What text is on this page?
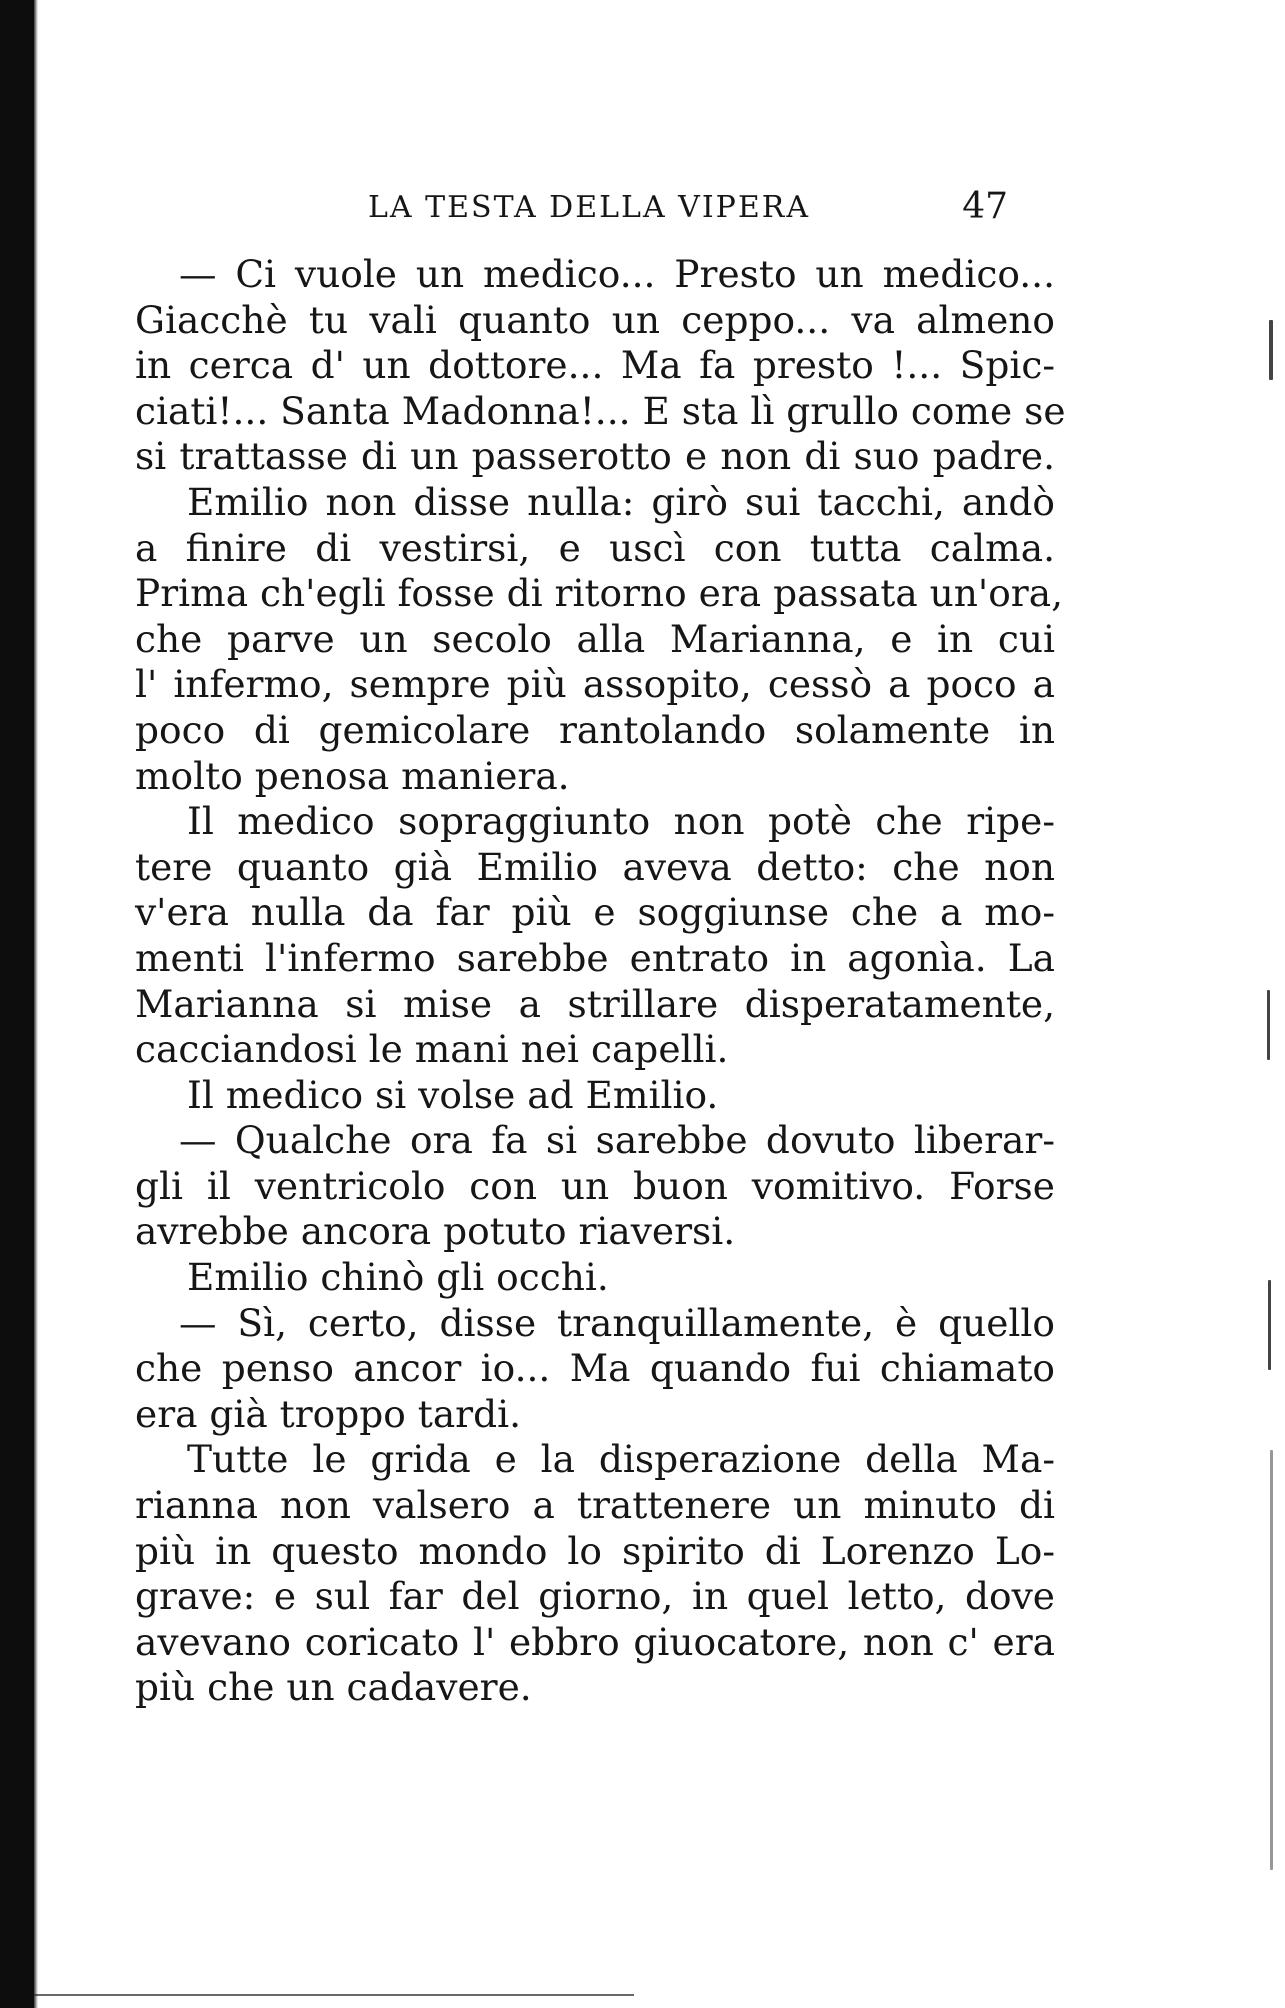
LA TESTA DELLA VIPERA	47
— Ci vuole un medico... Presto un medico...
Giacchè tu vali quanto un ceppo... va almeno
in cerca d' un dottore... Ma fa presto !... Spic-
ciati!... Santa Madonna!... E sta lì grullo come se
si trattasse di un passerotto e non di suo padre.
Emilio non disse nulla: girò sui tacchi, andò
a finire di vestirsi, e uscì con tutta calma.
Prima ch'egli fosse di ritorno era passata un'ora,
che parve un secolo alla Marianna, e in cui
l' infermo, sempre più assopito, cessò a poco a
poco di gemicolare rantolando solamente in
molto penosa maniera.
Il medico sopraggiunto non potè che ripe-
tere quanto già Emilio aveva detto: che non
v'era nulla da far più e soggiunse che a mo-
menti l'infermo sarebbe entrato in agonìa. La
Marianna si mise a strillare disperatamente,
cacciandosi le mani nei capelli.
Il medico si volse ad Emilio.
— Qualche ora fa si sarebbe dovuto liberar-
gli il ventricolo con un buon vomitivo. Forse
avrebbe ancora potuto riaversi.
Emilio chinò gli occhi.
— Sì, certo, disse tranquillamente, è quello
che penso ancor io... Ma quando fui chiamato
era già troppo tardi.
Tutte le grida e la disperazione della Ma-
rianna non valsero a trattenere un minuto di
più in questo mondo lo spirito di Lorenzo Lo-
grave: e sul far del giorno, in quel letto, dove
avevano coricato l' ebbro giuocatore, non c' era
più che un cadavere.
